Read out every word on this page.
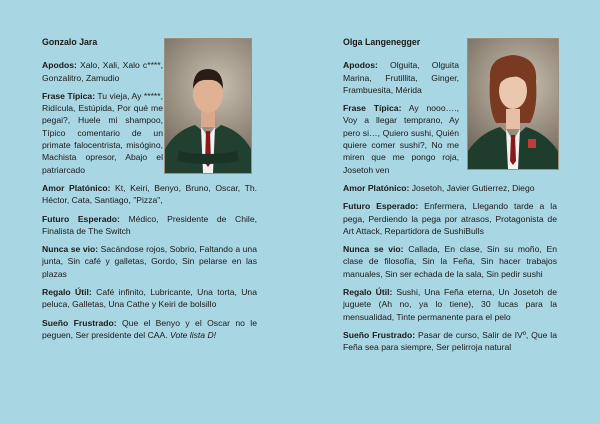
Gonzalo Jara

Apodos: Xalo, Xali, Xalo c****, Gonzalitro, Zamudio

Frase Típica: Tu vieja, Ay *****, Ridícula, Estúpida, Por qué me pegai?, Huele mi shampoo, Típico comentario de un primate falocentrista, misógino, Machista opresor, Abajo el patriarcado

Amor Platónico: Kt, Keiri, Benyo, Bruno, Oscar, Th. Héctor, Cata, Santiago, "Pizza",

Futuro Esperado: Médico, Presidente de Chile, Finalista de The Switch

Nunca se vio: Sacándose rojos, Sobrio, Faltando a una junta, Sin café y galletas, Gordo, Sin pelarse en las plazas

Regalo Útil: Café infinito, Lubricante, Una torta, Una peluca, Galletas, Una Cathe y Keiri de bolsillo

Sueño Frustrado: Que el Benyo y el Oscar no le peguen, Ser presidente del CAA. Vote lista D!

Olga Langenegger

Apodos: Olguita, Olguita Marina, Frutillita, Ginger, Frambuesita, Mérida

Frase Típica: Ay nooo…., Voy a llegar temprano, Ay pero si…, Quiero sushi, Quién quiere comer sushi?, No me miren que me pongo roja, Josetoh ven

Amor Platónico: Josetoh, Javier Gutierrez, Diego

Futuro Esperado: Enfermera, Llegando tarde a la pega, Perdiendo la pega por atrasos, Protagonista de Art Attack, Repartidora de SushiBulls

Nunca se vio: Callada, En clase, Sin su moño, En clase de filosofía, Sin la Feña, Sin hacer trabajos manuales, Sin ser echada de la sala, Sin pedir sushi

Regalo Útil: Sushi, Una Feña eterna, Un Josetoh de juguete (Ah no, ya lo tiene), 30 lucas para la mensualidad, Tinte permanente para el pelo

Sueño Frustrado: Pasar de curso, Salir de IVº, Que la Feña sea para siempre, Ser pelirroja natural
